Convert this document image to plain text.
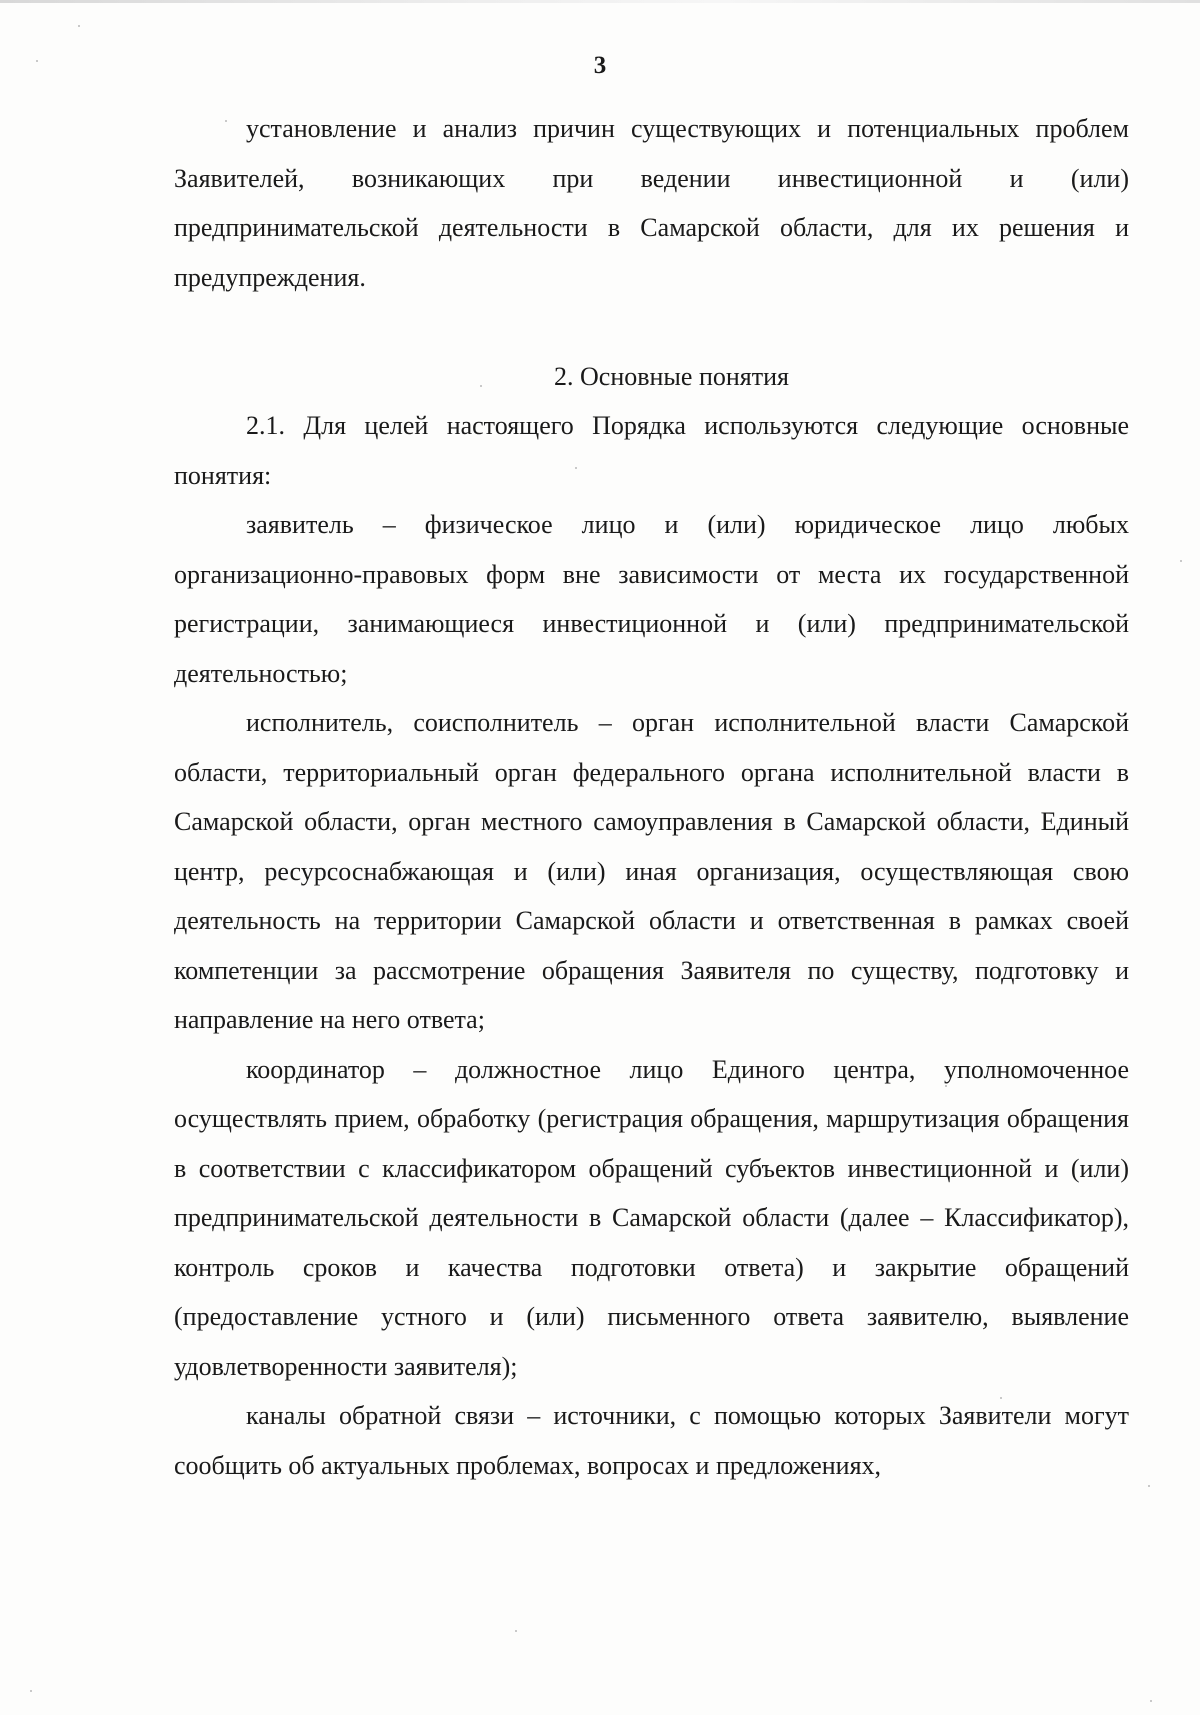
3

установление и анализ причин существующих и потенциальных проблем Заявителей, возникающих при ведении инвестиционной и (или) предпринимательской деятельности в Самарской области, для их решения и предупреждения.

2. Основные понятия

2.1. Для целей настоящего Порядка используются следующие основные понятия:

заявитель – физическое лицо и (или) юридическое лицо любых организационно-правовых форм вне зависимости от места их государственной регистрации, занимающиеся инвестиционной и (или) предпринимательской деятельностью;

исполнитель, соисполнитель – орган исполнительной власти Самарской области, территориальный орган федерального органа исполнительной власти в Самарской области, орган местного самоуправления в Самарской области, Единый центр, ресурсоснабжающая и (или) иная организация, осуществляющая свою деятельность на территории Самарской области и ответственная в рамках своей компетенции за рассмотрение обращения Заявителя по существу, подготовку и направление на него ответа;

координатор – должностное лицо Единого центра, уполномоченное осуществлять прием, обработку (регистрация обращения, маршрутизация обращения в соответствии с классификатором обращений субъектов инвестиционной и (или) предпринимательской деятельности в Самарской области (далее – Классификатор), контроль сроков и качества подготовки ответа) и закрытие обращений (предоставление устного и (или) письменного ответа заявителю, выявление удовлетворенности заявителя);

каналы обратной связи – источники, с помощью которых Заявители могут сообщить об актуальных проблемах, вопросах и предложениях,
